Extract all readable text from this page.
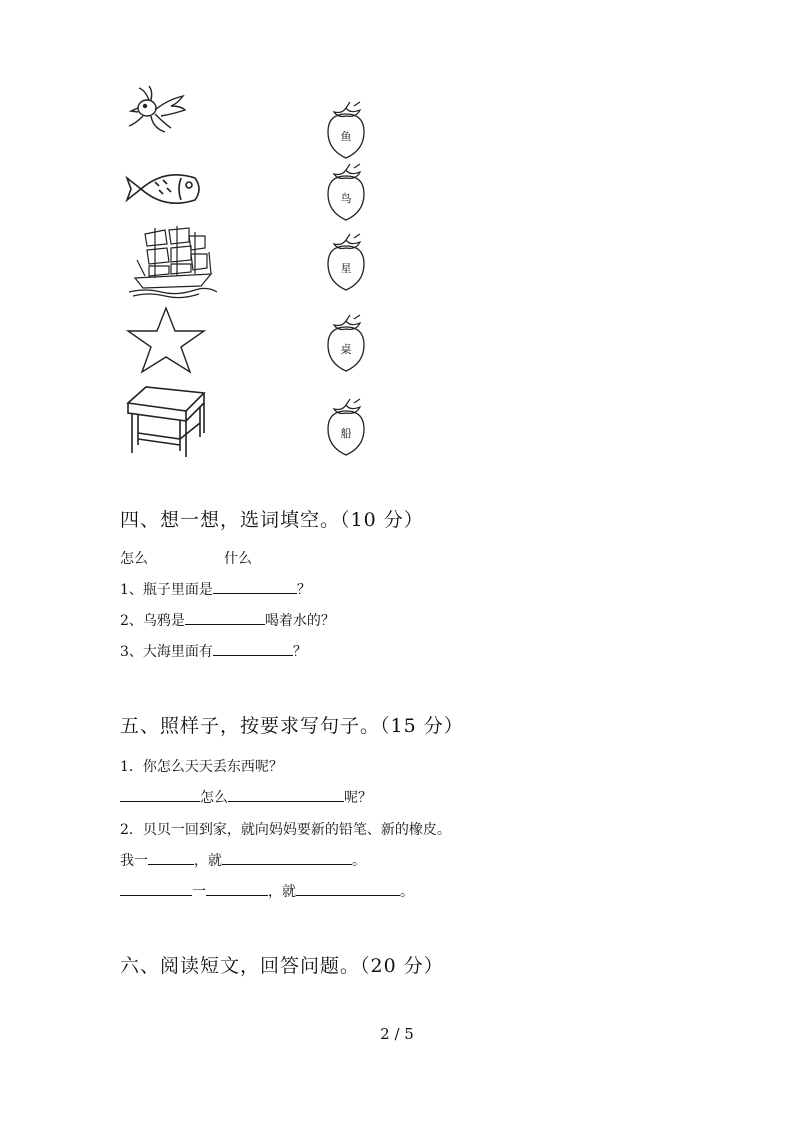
鱼
鸟
星
桌
船
四、想一想，选词填空。（10 分）
怎么	什么
1、瓶子里面是	？
2、乌鸦是	喝着水的？
3、大海里面有	？
五、照样子，按要求写句子。（15 分）
1．你怎么天天丢东西呢？
怎么	呢？
2．贝贝一回到家，就向妈妈要新的铅笔、新的橡皮。
我一	，就	。
一	，就	。
六、阅读短文，回答问题。（20 分）
2 / 5
